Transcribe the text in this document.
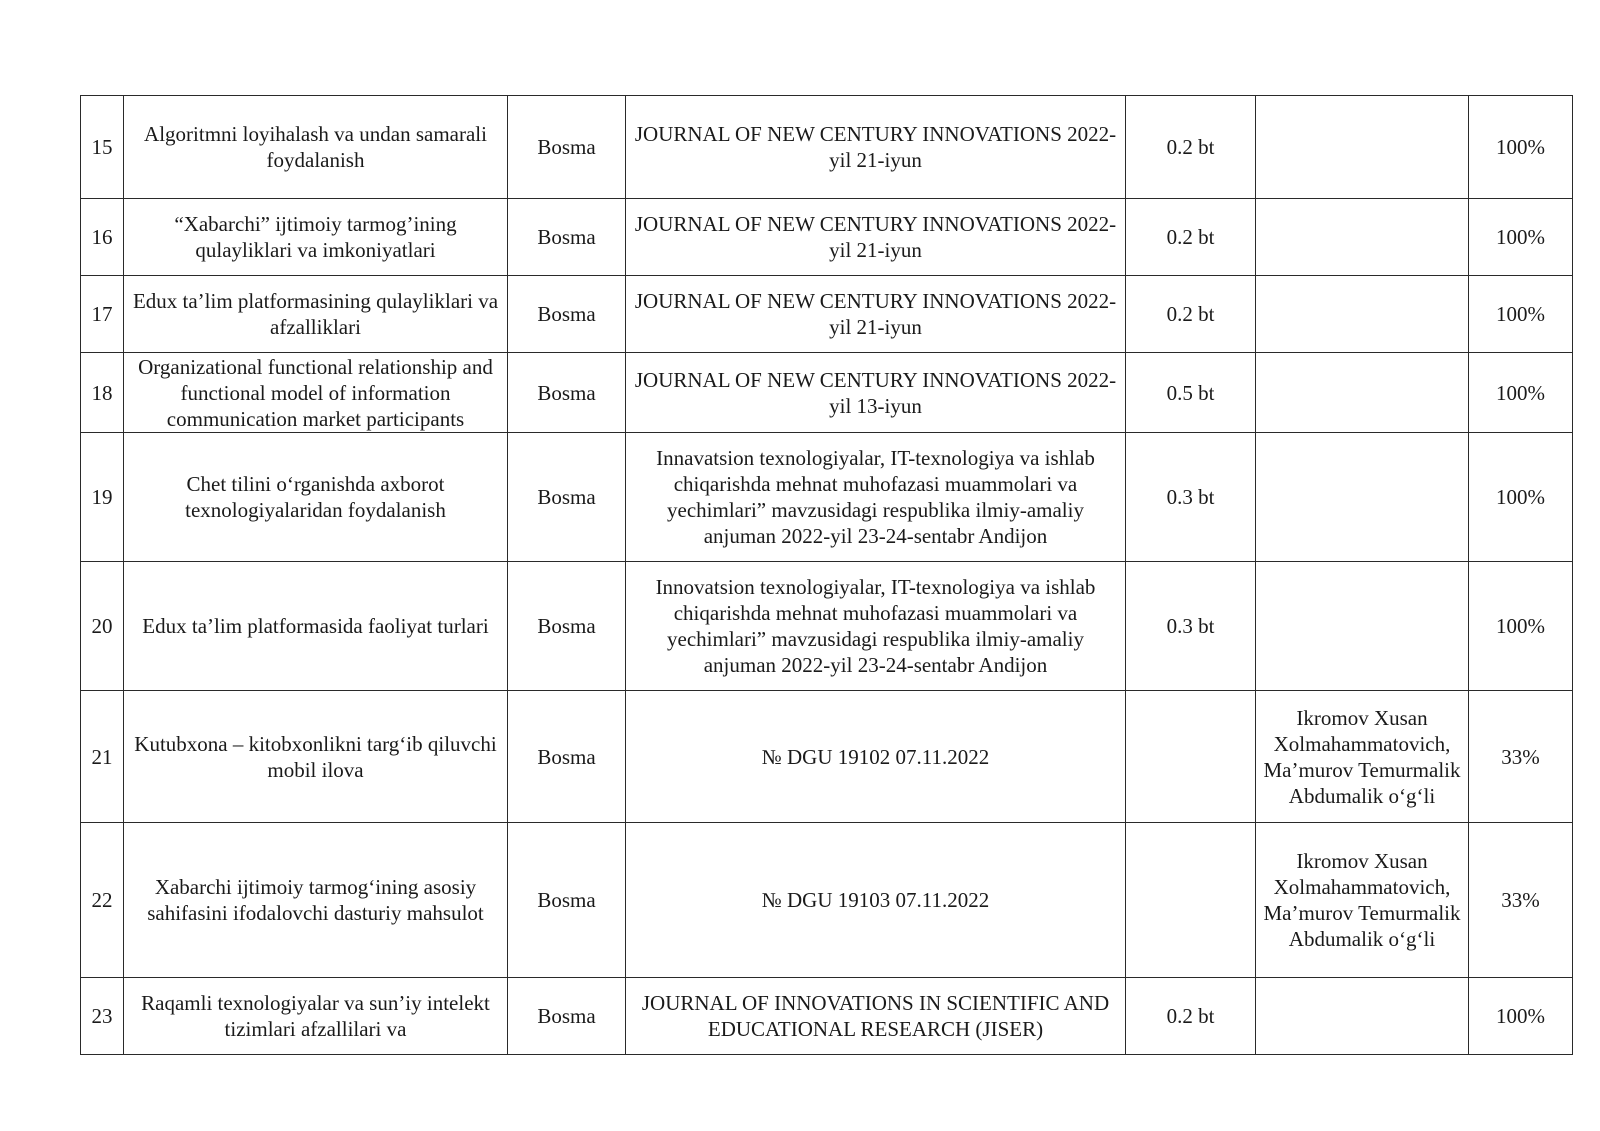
15	Algoritmni loyihalash va undan samarali foydalanish	Bosma	JOURNAL OF NEW CENTURY INNOVATIONS 2022-yil 21-iyun	0.2 bt		100%
16	“Xabarchi” ijtimoiy tarmog’ining qulayliklari va imkoniyatlari	Bosma	JOURNAL OF NEW CENTURY INNOVATIONS 2022-yil 21-iyun	0.2 bt		100%
17	Edux ta’lim platformasining qulayliklari va afzalliklari	Bosma	JOURNAL OF NEW CENTURY INNOVATIONS 2022-yil 21-iyun	0.2 bt		100%
18	Organizational functional relationship and functional model of information communication market participants	Bosma	JOURNAL OF NEW CENTURY INNOVATIONS 2022-yil 13-iyun	0.5 bt		100%
19	Chet tilini o‘rganishda axborot texnologiyalaridan foydalanish	Bosma	Innavatsion texnologiyalar, IT-texnologiya va ishlab chiqarishda mehnat muhofazasi muammolari va yechimlari” mavzusidagi respublika ilmiy-amaliy anjuman 2022-yil 23-24-sentabr Andijon	0.3 bt		100%
20	Edux ta’lim platformasida faoliyat turlari	Bosma	Innovatsion texnologiyalar, IT-texnologiya va ishlab chiqarishda mehnat muhofazasi muammolari va yechimlari” mavzusidagi respublika ilmiy-amaliy anjuman 2022-yil 23-24-sentabr Andijon	0.3 bt		100%
21	Kutubxona – kitobxonlikni targ‘ib qiluvchi mobil ilova	Bosma	№ DGU 19102 07.11.2022		Ikromov Xusan Xolmahammatovich, Ma’murov Temurmalik Abdumalik o‘g‘li	33%
22	Xabarchi ijtimoiy tarmog‘ining asosiy sahifasini ifodalovchi dasturiy mahsulot	Bosma	№ DGU 19103 07.11.2022		Ikromov Xusan Xolmahammatovich, Ma’murov Temurmalik Abdumalik o‘g‘li	33%
23	Raqamli texnologiyalar va sun’iy intelekt tizimlari afzallilari va	Bosma	JOURNAL OF INNOVATIONS IN SCIENTIFIC AND EDUCATIONAL RESEARCH (JISER)	0.2 bt		100%
